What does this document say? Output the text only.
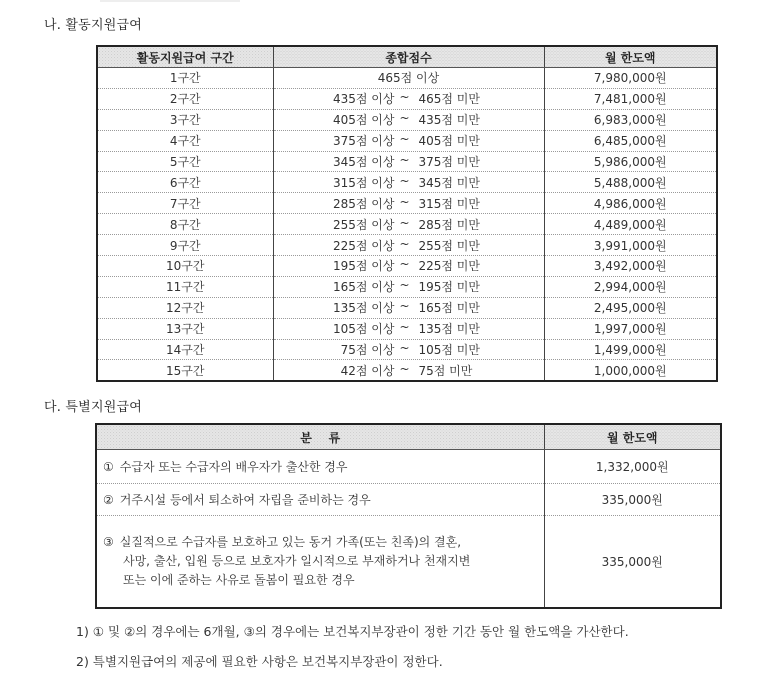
나. 활동지원급여
활동지원급여 구간	종합점수	월 한도액
1구간	465점 이상	7,980,000원
2구간	435점 이상 ~ 465점 미만	7,481,000원
3구간	405점 이상 ~ 435점 미만	6,983,000원
4구간	375점 이상 ~ 405점 미만	6,485,000원
5구간	345점 이상 ~ 375점 미만	5,986,000원
6구간	315점 이상 ~ 345점 미만	5,488,000원
7구간	285점 이상 ~ 315점 미만	4,986,000원
8구간	255점 이상 ~ 285점 미만	4,489,000원
9구간	225점 이상 ~ 255점 미만	3,991,000원
10구간	195점 이상 ~ 225점 미만	3,492,000원
11구간	165점 이상 ~ 195점 미만	2,994,000원
12구간	135점 이상 ~ 165점 미만	2,495,000원
13구간	105점 이상 ~ 135점 미만	1,997,000원
14구간	75점 이상 ~ 105점 미만	1,499,000원
15구간	42점 이상 ~ 75점 미만	1,000,000원
다. 특별지원급여
분    류	월 한도액
① 수급자 또는 수급자의 배우자가 출산한 경우	1,332,000원
② 거주시설 등에서 퇴소하여 자립을 준비하는 경우	335,000원
③ 실질적으로 수급자를 보호하고 있는 동거 가족(또는 친족)의 결혼,
사망, 출산, 입원 등으로 보호자가 일시적으로 부재하거나 천재지변
또는 이에 준하는 사유로 돌봄이 필요한 경우	335,000원
1) ① 및 ②의 경우에는 6개월, ③의 경우에는 보건복지부장관이 정한 기간 동안 월 한도액을 가산한다.
2) 특별지원급여의 제공에 필요한 사항은 보건복지부장관이 정한다.
